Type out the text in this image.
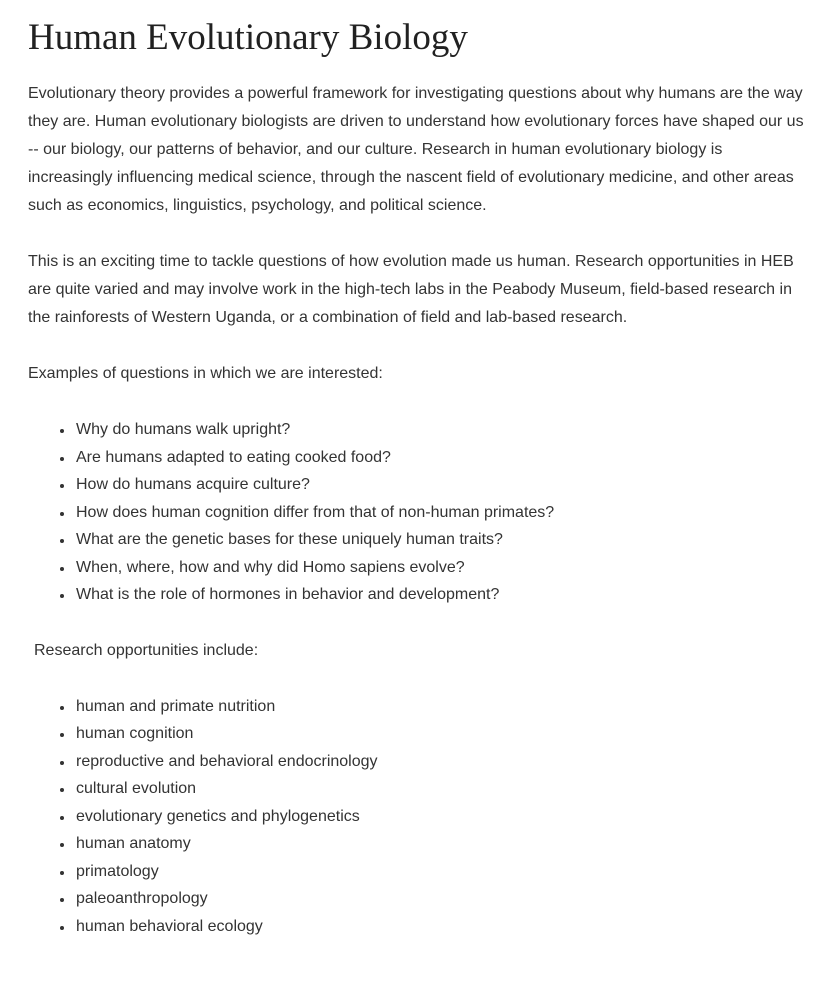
Human Evolutionary Biology

Evolutionary theory provides a powerful framework for investigating questions about why humans are the way they are. Human evolutionary biologists are driven to understand how evolutionary forces have shaped our us -- our biology, our patterns of behavior, and our culture. Research in human evolutionary biology is increasingly influencing medical science, through the nascent field of evolutionary medicine, and other areas such as economics, linguistics, psychology, and political science.

This is an exciting time to tackle questions of how evolution made us human. Research opportunities in HEB are quite varied and may involve work in the high-tech labs in the Peabody Museum, field-based research in the rainforests of Western Uganda, or a combination of field and lab-based research.

Examples of questions in which we are interested:

• Why do humans walk upright?
• Are humans adapted to eating cooked food?
• How do humans acquire culture?
• How does human cognition differ from that of non-human primates?
• What are the genetic bases for these uniquely human traits?
• When, where, how and why did Homo sapiens evolve?
• What is the role of hormones in behavior and development?

Research opportunities include:

• human and primate nutrition
• human cognition
• reproductive and behavioral endocrinology
• cultural evolution
• evolutionary genetics and phylogenetics
• human anatomy
• primatology
• paleoanthropology
• human behavioral ecology
